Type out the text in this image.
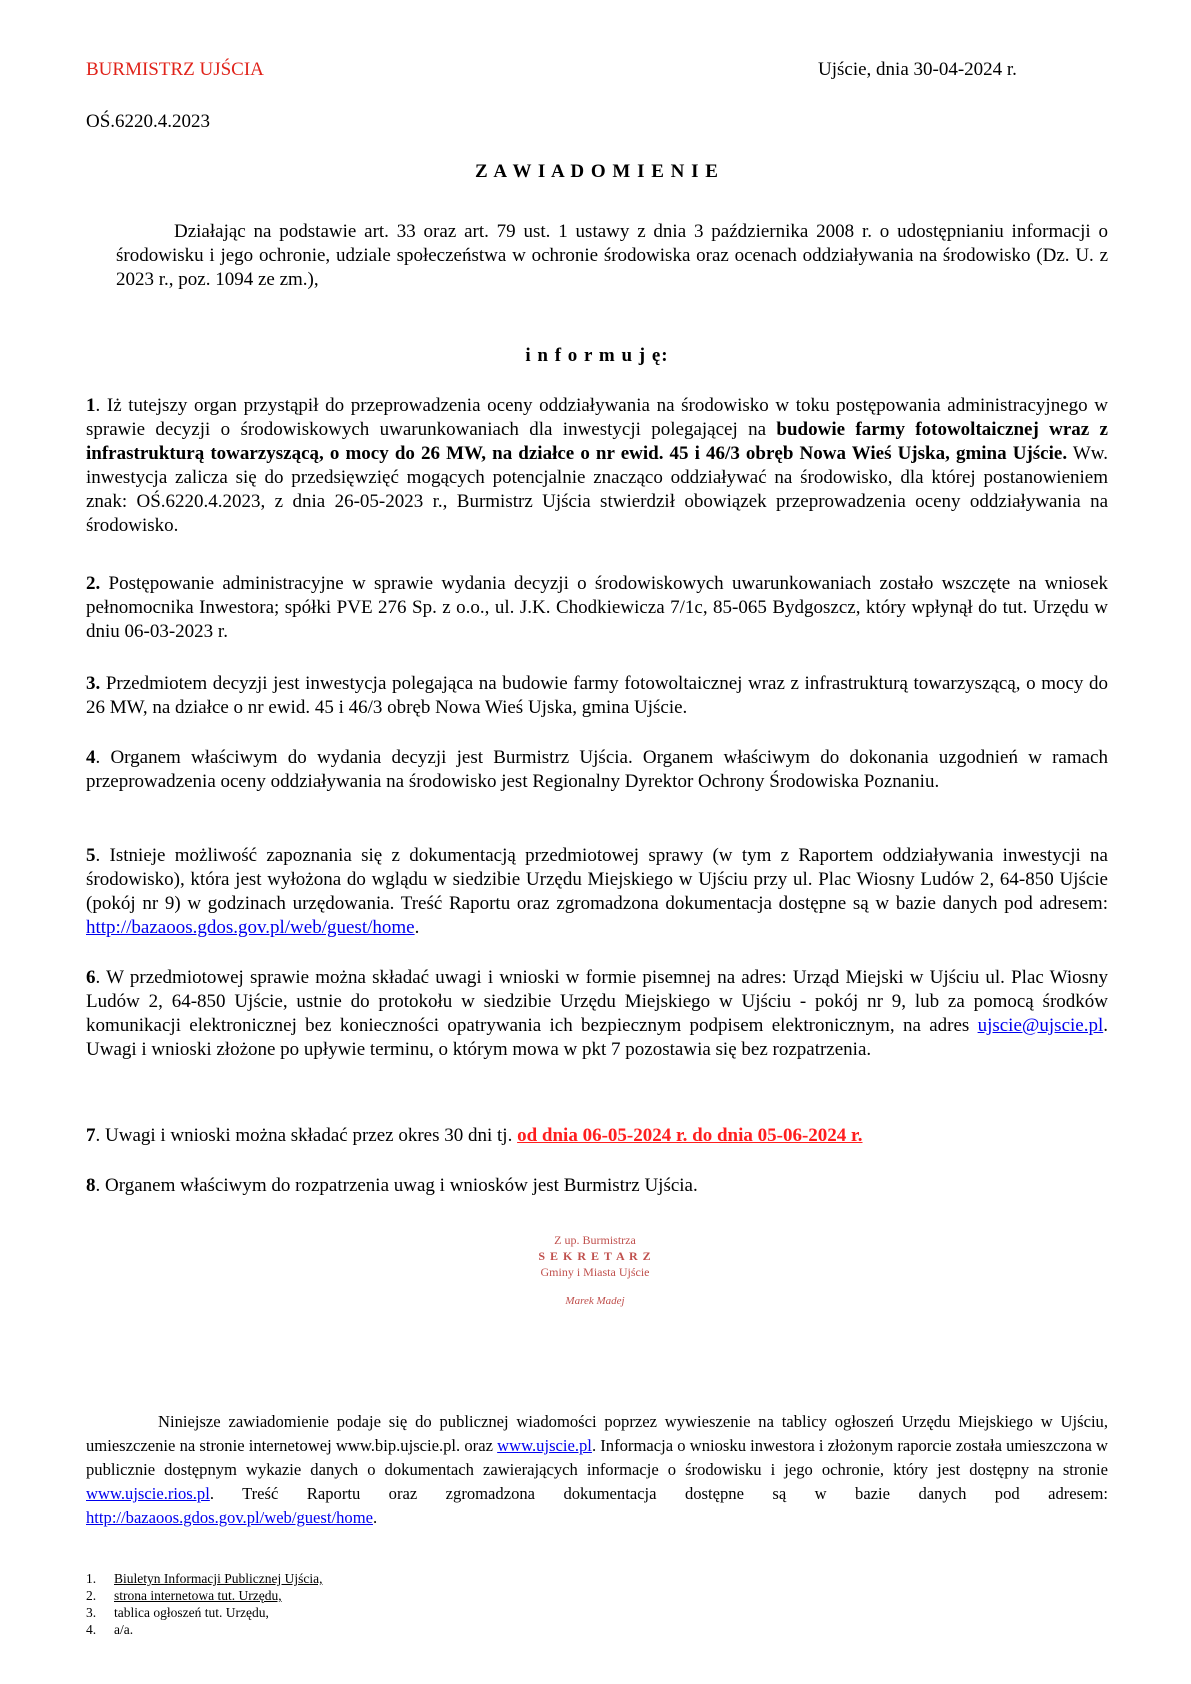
BURMISTRZ UJŚCIA	Ujście, dnia 30-04-2024 r.
OŚ.6220.4.2023
Z A W I A D O M I E N I E
Działając na podstawie art. 33 oraz art. 79 ust. 1 ustawy z dnia 3 października 2008 r. o udostępnianiu informacji o środowisku i jego ochronie, udziale społeczeństwa w ochronie środowiska oraz ocenach oddziaływania na środowisko (Dz. U. z 2023 r., poz. 1094 ze zm.),
i n f o r m u j ę:
1. Iż tutejszy organ przystąpił do przeprowadzenia oceny oddziaływania na środowisko w toku postępowania administracyjnego w sprawie decyzji o środowiskowych uwarunkowaniach dla inwestycji polegającej na budowie farmy fotowoltaicznej wraz z infrastrukturą towarzyszącą, o mocy do 26 MW, na działce o nr ewid. 45 i 46/3 obręb Nowa Wieś Ujska, gmina Ujście. Ww. inwestycja zalicza się do przedsięwzięć mogących potencjalnie znacząco oddziaływać na środowisko, dla której postanowieniem znak: OŚ.6220.4.2023, z dnia 26-05-2023 r., Burmistrz Ujścia stwierdził obowiązek przeprowadzenia oceny oddziaływania na środowisko.
2. Postępowanie administracyjne w sprawie wydania decyzji o środowiskowych uwarunkowaniach zostało wszczęte na wniosek pełnomocnika Inwestora; spółki PVE 276 Sp. z o.o., ul. J.K. Chodkiewicza 7/1c, 85-065 Bydgoszcz, który wpłynął do tut. Urzędu w dniu 06-03-2023 r.
3. Przedmiotem decyzji jest inwestycja polegająca na budowie farmy fotowoltaicznej wraz z infrastrukturą towarzyszącą, o mocy do 26 MW, na działce o nr ewid. 45 i 46/3 obręb Nowa Wieś Ujska, gmina Ujście.
4. Organem właściwym do wydania decyzji jest Burmistrz Ujścia. Organem właściwym do dokonania uzgodnień w ramach przeprowadzenia oceny oddziaływania na środowisko jest Regionalny Dyrektor Ochrony Środowiska Poznaniu.
5. Istnieje możliwość zapoznania się z dokumentacją przedmiotowej sprawy (w tym z Raportem oddziaływania inwestycji na środowisko), która jest wyłożona do wglądu w siedzibie Urzędu Miejskiego w Ujściu przy ul. Plac Wiosny Ludów 2, 64-850 Ujście (pokój nr 9) w godzinach urzędowania. Treść Raportu oraz zgromadzona dokumentacja dostępne są w bazie danych pod adresem: http://bazaoos.gdos.gov.pl/web/guest/home.
6. W przedmiotowej sprawie można składać uwagi i wnioski w formie pisemnej na adres: Urząd Miejski w Ujściu ul. Plac Wiosny Ludów 2, 64-850 Ujście, ustnie do protokołu w siedzibie Urzędu Miejskiego w Ujściu - pokój nr 9, lub za pomocą środków komunikacji elektronicznej bez konieczności opatrywania ich bezpiecznym podpisem elektronicznym, na adres ujscie@ujscie.pl. Uwagi i wnioski złożone po upływie terminu, o którym mowa w pkt 7 pozostawia się bez rozpatrzenia.
7. Uwagi i wnioski można składać przez okres 30 dni tj. od dnia 06-05-2024 r. do dnia 05-06-2024 r.
8. Organem właściwym do rozpatrzenia uwag i wniosków jest Burmistrz Ujścia.
Z up. Burmistrza
S E K R E T A R Z
Gminy i Miasta Ujście
Marek Madej
Niniejsze zawiadomienie podaje się do publicznej wiadomości poprzez wywieszenie na tablicy ogłoszeń Urzędu Miejskiego w Ujściu, umieszczenie na stronie internetowej www.bip.ujscie.pl. oraz www.ujscie.pl. Informacja o wniosku inwestora i złożonym raporcie została umieszczona w publicznie dostępnym wykazie danych o dokumentach zawierających informacje o środowisku i jego ochronie, który jest dostępny na stronie www.ujscie.rios.pl. Treść Raportu oraz zgromadzona dokumentacja dostępne są w bazie danych pod adresem: http://bazaoos.gdos.gov.pl/web/guest/home.
1. Biuletyn Informacji Publicznej Ujścia,
2. strona internetowa tut. Urzędu,
3. tablica ogłoszeń tut. Urzędu,
4. a/a.
